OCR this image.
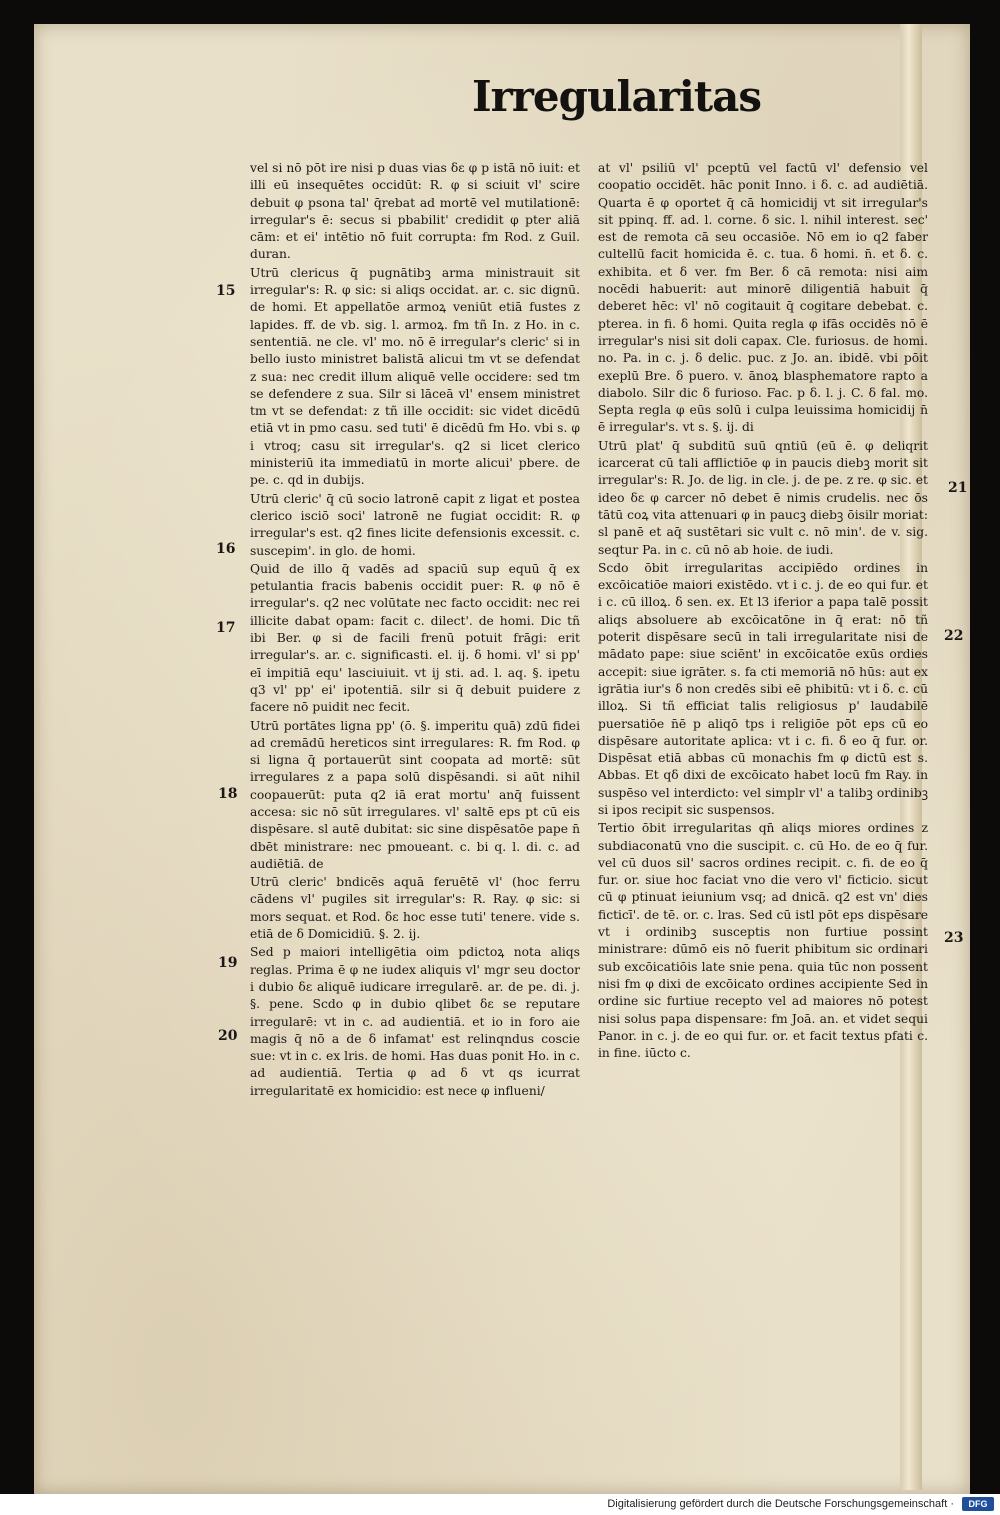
Irregularitas

vel si nō pōt ire nisi p duas vias δε φ p istā nō iuit: et illi eū insequētes occidūt: R. φ si sciuit vl' scire debuit φ psona tal' q̄rebat ad mortē vel mutilationē: irregular's ē: secus si pbabilit' credidit φ pter aliā cām: et ei' intētio nō fuit corrupta: fm Rod. z Guil. duran.

Utrū clericus q̄ pugnātibꝫ arma ministrauit sit irregular's: R. φ sic: si aliqs occidat. ar. c. sic dignū. de homi. Et appellatōe armoꝝ veniūt etiā fustes z lapides. ff. de vb. sig. l. armoꝝ. fm tñ In. z Ho. in c. sententiā. ne cle. vl' mo. nō ē irregular's cleric' si in bello iusto ministret balistā alicui tm vt se defendat z sua: nec credit illum aliquē velle occidere: sed tm se defendere z sua. Silr si lāceā vl' ensem ministret tm vt se defendat: z tñ ille occidit: sic videt dicēdū etiā vt in pmo casu. sed tuti' ē dicēdū fm Ho. vbi s. φ i vtroq; casu sit irregular's. q2 si licet clerico ministeriū ita immediatū in morte alicui' pbere. de pe. c. qd in dubijs.

Utrū cleric' q̄ cū socio latronē capit z ligat et postea clerico isciō soci' latronē ne fugiat occidit: R. φ irregular's est. q2 fines licite defensionis excessit. c. suscepim'. in glo. de homi.

Quid de illo q̄ vadēs ad spaciū sup equū q̄ ex petulantia fracis babenis occidit puer: R. φ nō ē irregular's. q2 nec volūtate nec facto occidit: nec rei illicite dabat opam: facit c. dilect'. de homi. Dic tñ ibi Ber. φ si de facili frenū potuit frāgi: erit irregular's. ar. c. significasti. el. ij. δ homi. vl' si pp' eī impitiā equ' lasciuiuit. vt ij sti. ad. l. aq. §. ipetu q3 vl' pp' ei' ipotentiā. silr si q̄ debuit puidere z facere nō puidit nec fecit.

Utrū portātes ligna pp' (ō. §. imperitu quā) zdū fidei ad cremādū hereticos sint irregulares: R. fm Rod. φ si ligna q̄ portauerūt sint coopata ad mortē: sūt irregulares z a papa solū dispēsandi. si aūt nihil coopauerūt: puta q2 iā erat mortu' anq̄ fuissent accesa: sic nō sūt irregulares. vl' saltē eps pt cū eis dispēsare. sl autē dubitat: sic sine dispēsatōe pape n̄ dbēt ministrare: nec pmoueant. c. bi q. l. di. c. ad audiētiā. de

Utrū cleric' bndicēs aquā feruētē vl' (hoc ferru cādens vl' pugiles sit irregular's: R. Ray. φ sic: si mors sequat. et Rod. δε hoc esse tuti' tenere. vide s. etiā de δ Domicidiū. §. 2. ij.

Sed p maiori intelligētia oim pdictoꝝ nota aliqs reglas. Prima ē φ ne iudex aliquis vl' mgr seu doctor i dubio δε aliquē iudicare irregularē. ar. de pe. di. j. §. pene. Scdo φ in dubio qlibet δε se reputare irregularē: vt in c. ad audientiā. et io in foro aie magis q̄ nō a de δ infamat' est relinqndus coscie sue: vt in c. ex lris. de homi. Has duas ponit Ho. in c. ad audientiā. Tertia φ ad δ vt qs icurrat irregularitatē ex homicidio: est nece φ influeni/

at vl' psiliū vl' pceptū vel factū vl' defensio vel coopatio occidēt. hāc ponit Inno. i δ. c. ad audiētiā. Quarta ē φ oportet q̄ cā homicidij vt sit irregular's sit ppinq. ff. ad. l. corne. δ sic. l. nihil interest. sec' est de remota cā seu occasiōe. Nō em io q2 faber cultellū facit homicida ē. c. tua. δ homi. n̄. et δ. c. exhibita. et δ ver. fm Ber. δ cā remota: nisi aim nocēdi habuerit: aut minorē diligentiā habuit q̄ deberet hēc: vl' nō cogitauit q̄ cogitare debebat. c. pterea. in fi. δ homi. Quita regla φ ifās occidēs nō ē irregular's nisi sit doli capax. Cle. furiosus. de homi. no. Pa. in c. j. δ delic. puc. z Jo. an. ibidē. vbi pōit exeplū Bre. δ puero. v. ānoꝝ blasphematore rapto a diabolo. Silr dic δ furioso. Fac. p δ. l. j. C. δ fal. mo. Septa regla φ eūs solū i culpa leuissima homicidij n̄ ē irregular's. vt s. §. ij. di

Utrū plat' q̄ subditū suū qntiū (eū ē. φ deliqrit icarcerat cū tali afflictiōe φ in paucis diebꝫ morit sit irregular's: R. Jo. de lig. in cle. j. de pe. z re. φ sic. et ideo δε φ carcer nō debet ē nimis crudelis. nec ōs tātū coꝝ vita attenuari φ in paucꝫ diebꝫ ōisilr moriat: sl panē et aq̄ sustētari sic vult c. nō min'. de v. sig. seqtur Pa. in c. cū nō ab hoie. de iudi.

Scdo ōbit irregularitas accipiēdo ordines in excōicatiōe maiori existēdo. vt i c. j. de eo qui fur. et i c. cū illoꝝ. δ sen. ex. Et l3 iferior a papa talē possit aliqs absoluere ab excōicatōne in q̄ erat: nō tñ poterit dispēsare secū in tali irregularitate nisi de mādato pape: siue sciēnt' in excōicatōe exūs ordies accepit: siue igrāter. s. fa cti memoriā nō hūs: aut ex igrātia iur's δ non credēs sibi eē phibitū: vt i δ. c. cū illoꝝ. Si tñ efficiat talis religiosus p' laudabilē puersatiōe n̄ē p aliqō tps i religiōe pōt eps cū eo dispēsare autoritate aplica: vt i c. fi. δ eo q̄ fur. or. Dispēsat etiā abbas cū monachis fm φ dictū est s. Abbas. Et qδ dixi de excōicato habet locū fm Ray. in suspēso vel interdicto: vel simplr vl' a talibꝫ ordinibꝫ si ipos recipit sic suspensos.

Tertio ōbit irregularitas qn̄ aliqs miores ordines z subdiaconatū vno die suscipit. c. cū Ho. de eo q̄ fur. vel cū duos sil' sacros ordines recipit. c. fi. de eo q̄ fur. or. siue hoc faciat vno die vero vl' ficticio. sicut cū φ ptinuat ieiunium vsq; ad dnicā. q2 est vn' dies ficticī'. de tē. or. c. lras. Sed cū istl pōt eps dispēsare vt i ordinibꝫ susceptis non furtiue possint ministrare: dūmō eis nō fuerit phibitum sic ordinari sub excōicatiōis late snie pena. quia tūc non possent nisi fm φ dixi de excōicato ordines accipiente Sed in ordine sic furtiue recepto vel ad maiores nō potest nisi solus papa dispensare: fm Joā. an. et videt sequi Panor. in c. j. de eo qui fur. or. et facit textus pfati c. in fine. iūcto c.

15
16
17
18
19
20
21
22
23
Digitalisierung gefördert durch die Deutsche Forschungsgemeinschaft ·	DFG
